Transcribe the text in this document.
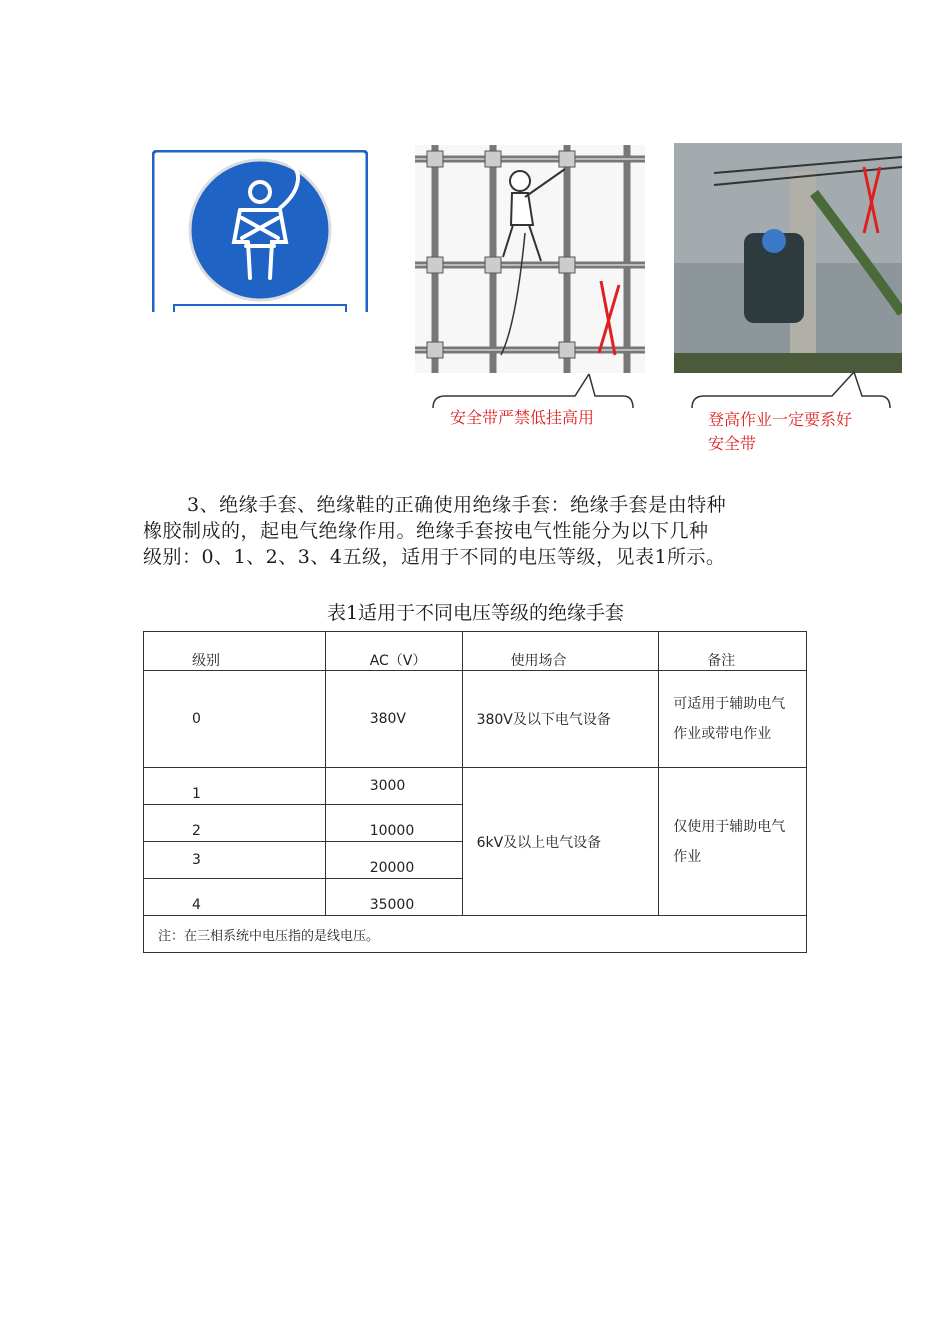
安全带严禁低挂高用	登高作业一定要系好安全带
3、绝缘手套、绝缘鞋的正确使用绝缘手套：绝缘手套是由特种
橡胶制成的，起电气绝缘作用。绝缘手套按电气性能分为以下几种
级别：0、1、2、3、4五级，适用于不同的电压等级，见表1所示。
表1适用于不同电压等级的绝缘手套
级别	AC（V）	使用场合	备注

0	380V	380V及以下电气设备	可适用于辅助电气作业或带电作业

1	3000	6kV及以上电气设备	仅使用于辅助电气作业

2	10000		

3	20000		

4	35000		

注：在三相系统中电压指的是线电压。			
